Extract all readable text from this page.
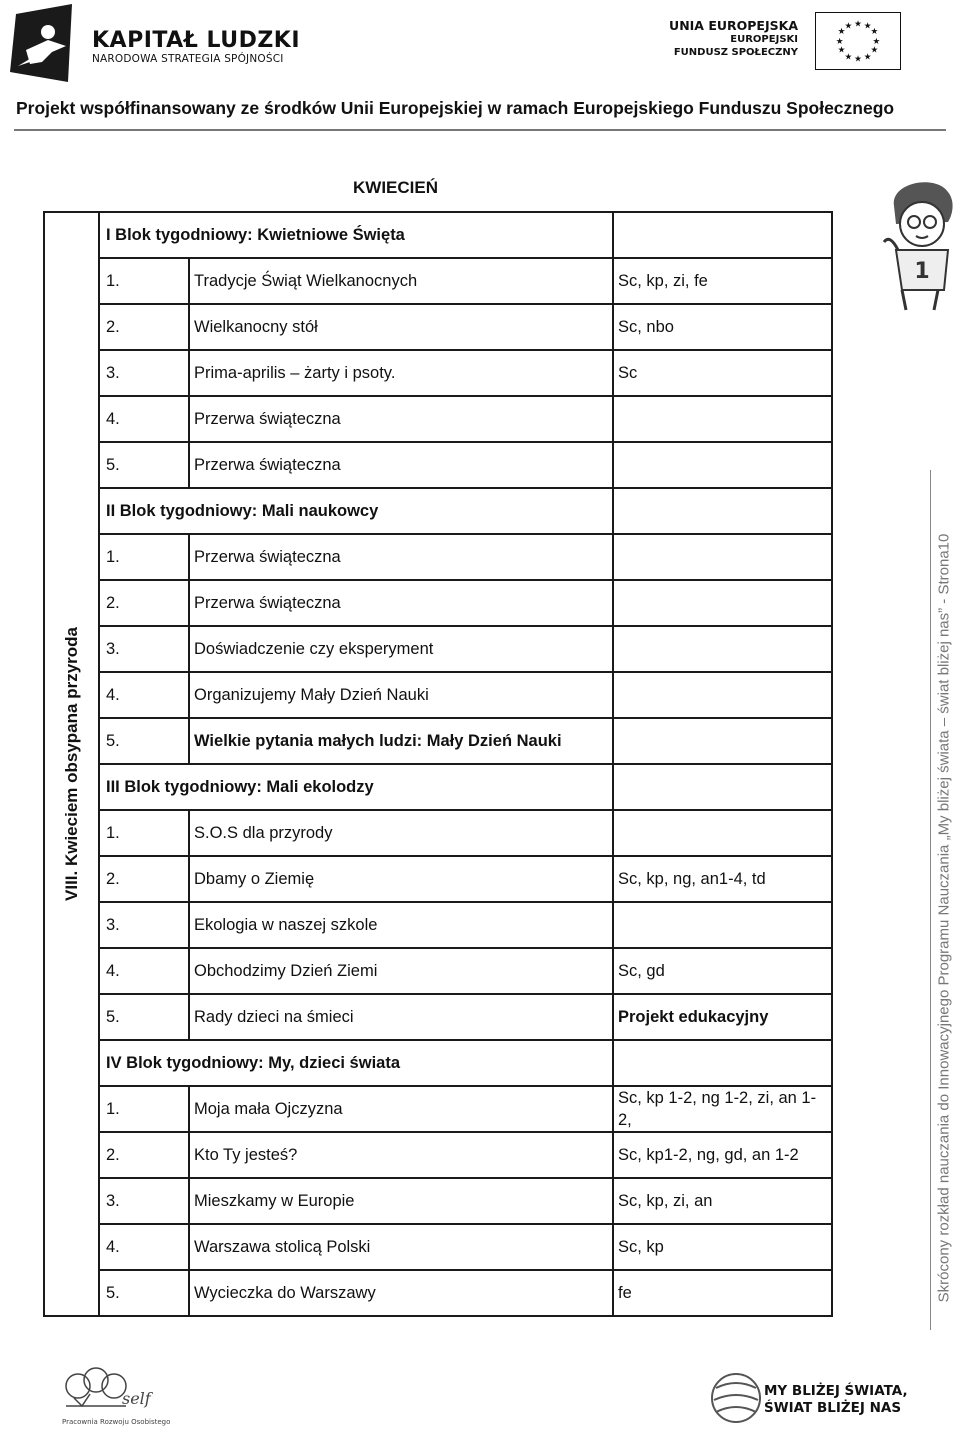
KAPITAŁ LUDZKI
NARODOWA STRATEGIA SPÓJNOŚCI
UNIA EUROPEJSKA
EUROPEJSKI
FUNDUSZ SPOŁECZNY
★ ★
★
★
★
★
★
★
★
★
★
★
Projekt współfinansowany ze środków Unii Europejskiej w ramach Europejskiego Funduszu Społecznego
1
KWIECIEŃ
VIII. Kwieciem obsypana przyroda	I Blok tygodniowy: Kwietniowe Święta		
	1.	Tradycje Świąt Wielkanocnych	Sc, kp, zi, fe
	2.	Wielkanocny stół	Sc, nbo
	3.	Prima-aprilis – żarty i psoty.	Sc
	4.	Przerwa świąteczna	
	5.	Przerwa świąteczna	
	II Blok tygodniowy: Mali naukowcy		
	1.	Przerwa świąteczna	
	2.	Przerwa świąteczna	
	3.	Doświadczenie czy eksperyment	
	4.	Organizujemy Mały Dzień Nauki	
	5.	Wielkie pytania małych ludzi: Mały Dzień Nauki	
	III Blok tygodniowy: Mali ekolodzy		
	1.	S.O.S dla przyrody	
	2.	Dbamy o Ziemię	Sc, kp, ng, an1-4, td
	3.	Ekologia w naszej szkole	
	4.	Obchodzimy Dzień Ziemi	Sc, gd
	5.	Rady dzieci na śmieci	Projekt edukacyjny
	IV Blok tygodniowy: My, dzieci świata		
	1.	Moja mała Ojczyzna	Sc, kp 1-2, ng 1-2, zi, an 1-2,
	2.	Kto Ty jesteś?	Sc, kp1-2, ng, gd, an 1-2
	3.	Mieszkamy w Europie	Sc, kp, zi, an
	4.	Warszawa stolicą Polski	Sc, kp
	5.	Wycieczka do Warszawy	fe	Skrócony rozkład nauczania do Innowacyjnego Programu Nauczania „My bliżej świata – świat bliżej nas” - Strona10
self
Pracownia Rozwoju Osobistego
MY BLIŻEJ ŚWIATA,
ŚWIAT BLIŻEJ NAS
